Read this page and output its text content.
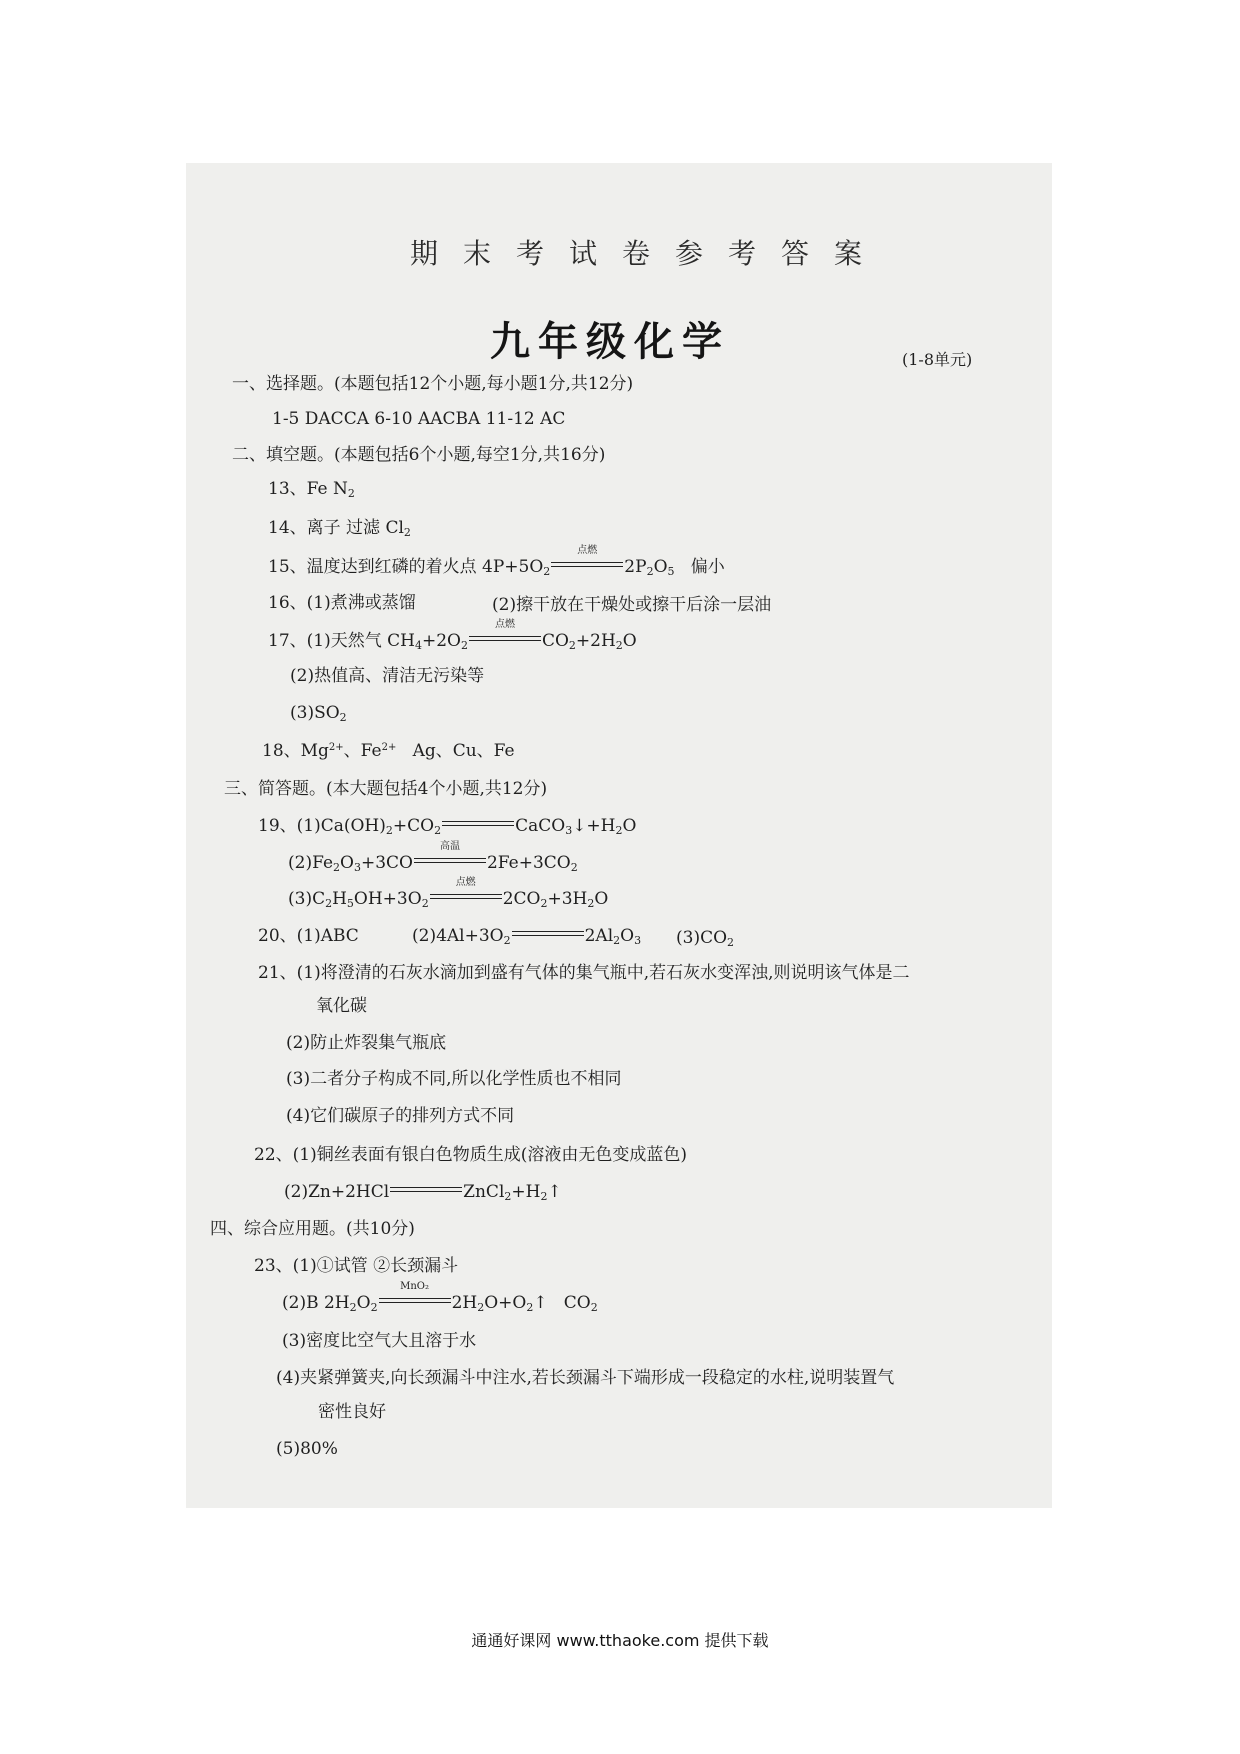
期末考试卷参考答案
九年级化学	(1-8单元)
一、选择题。(本题包括12个小题,每小题1分,共12分)
1-5 DACCA 6-10 AACBA 11-12 AC
二、填空题。(本题包括6个小题,每空1分,共16分)
13、Fe $N_2$
14、离子 过滤 $Cl_2$
15、温度达到红磷的着火点 $4P+5O_2$
点燃
$2P_2O_5$ 偏小
16、(1)煮沸或蒸馏	(2)擦干放在干燥处或擦干后涂一层油
17、(1)天然气 $CH_4+2O_2$
点燃
$CO_2+2H_2O$
(2)热值高、清洁无污染等
$(3)SO_2$
18、$Mg^{2+}$、$Fe^{2+}$   Ag、Cu、Fe
三、简答题。(本大题包括4个小题,共12分)
19、$(1)Ca(OH)_2+CO_2$	$CaCO_3↓+H_2O$
$(2)Fe_2O_3+3CO$
高温
$2Fe+3CO_2$
$(3)C_2H_5OH+3O_2$
点燃
$2CO_2+3H_2O$
20、(1)ABC	$(2)4Al+3O_2$	$2Al_2O_3$ $(3)CO_2$
21、(1)将澄清的石灰水滴加到盛有气体的集气瓶中,若石灰水变浑浊,则说明该气体是二
氧化碳
(2)防止炸裂集气瓶底
(3)二者分子构成不同,所以化学性质也不相同
(4)它们碳原子的排列方式不同
22、(1)铜丝表面有银白色物质生成(溶液由无色变成蓝色)
(2)Zn+2HCl	$ZnCl_2+H_2↑$
四、综合应用题。(共10分)
23、(1)①试管 ②长颈漏斗
(2)B $2H_2O_2$
MnO₂
$2H_2O+O_2↑$   $CO_2$
(3)密度比空气大且溶于水
(4)夹紧弹簧夹,向长颈漏斗中注水,若长颈漏斗下端形成一段稳定的水柱,说明装置气
密性良好
(5)80%
通通好课网 www.tthaoke.com 提供下载
